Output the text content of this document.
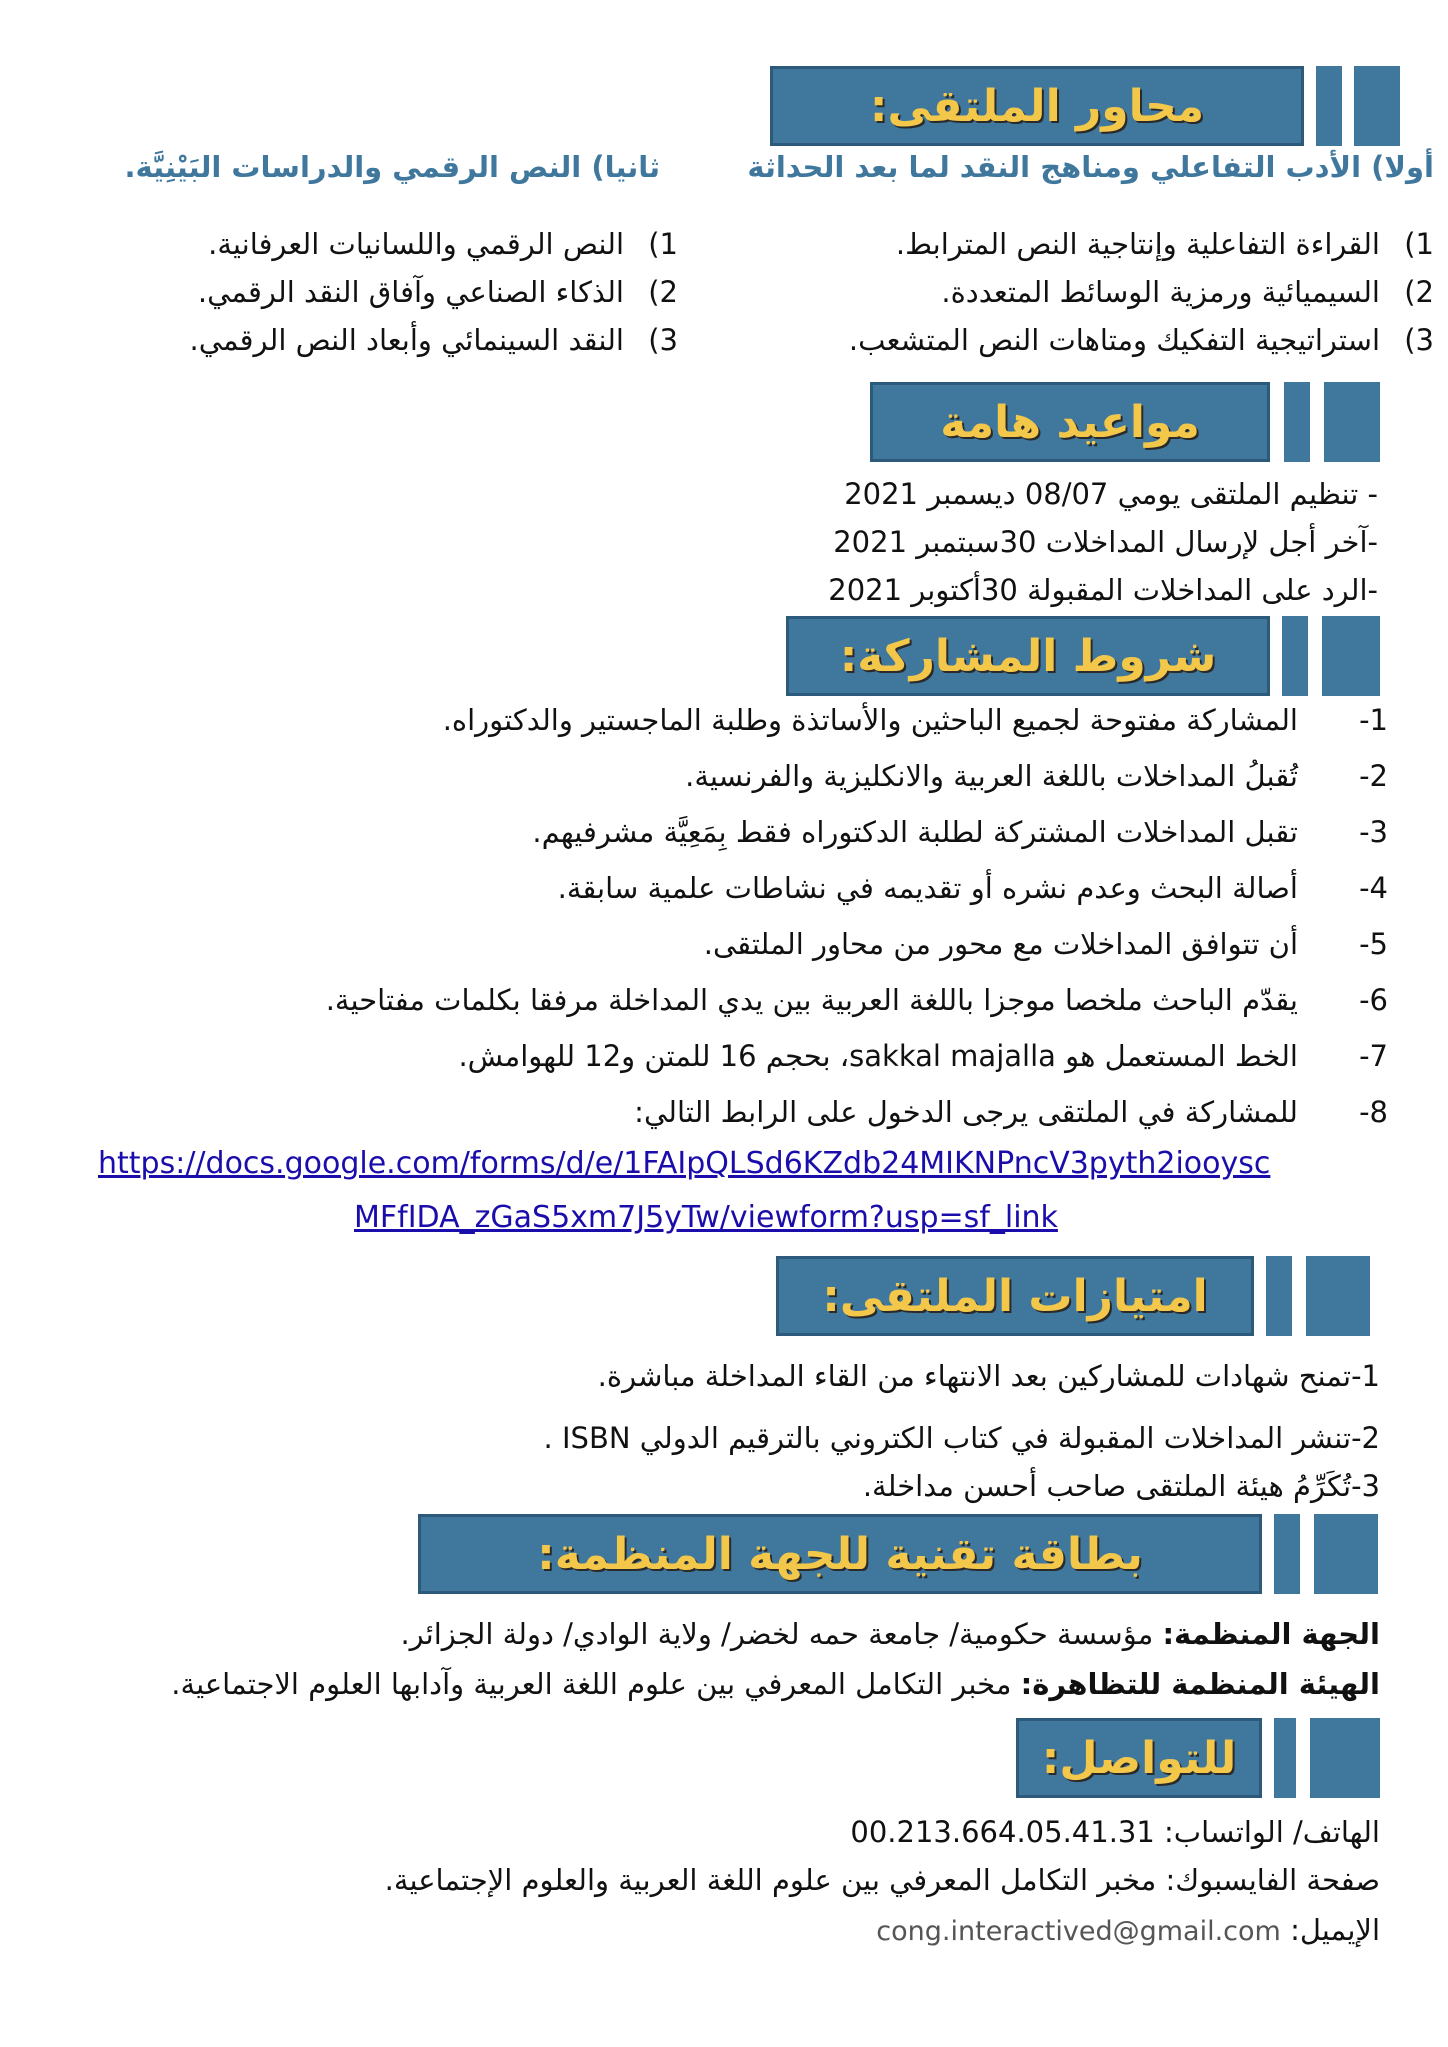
محاور الملتقى:
أولا) الأدب التفاعلي ومناهج النقد لما بعد الحداثة
ثانيا) النص الرقمي والدراسات البَيْنِيَّة.
1)القراءة التفاعلية وإنتاجية النص المترابط.
2)السيميائية ورمزية الوسائط المتعددة.
3)استراتيجية التفكيك ومتاهات النص المتشعب.
1)النص الرقمي واللسانيات العرفانية.
2)الذكاء الصناعي وآفاق النقد الرقمي.
3)النقد السينمائي وأبعاد النص الرقمي.
مواعيد هامة
- تنظيم الملتقى يومي 08/07 ديسمبر 2021
-آخر أجل لإرسال المداخلات 30سبتمبر 2021
-الرد على المداخلات المقبولة 30أكتوبر 2021
شروط المشاركة:
1-المشاركة مفتوحة لجميع الباحثين والأساتذة وطلبة الماجستير والدكتوراه.
2-تُقبلُ المداخلات باللغة العربية والانكليزية والفرنسية.
3-تقبل المداخلات المشتركة لطلبة الدكتوراه فقط بِمَعِيَّة مشرفيهم.
4-أصالة البحث وعدم نشره أو تقديمه في نشاطات علمية سابقة.
5-أن تتوافق المداخلات مع محور من محاور الملتقى.
6-يقدّم الباحث ملخصا موجزا باللغة العربية بين يدي المداخلة مرفقا بكلمات مفتاحية.
7-الخط المستعمل هو sakkal majalla، بحجم 16 للمتن و12 للهوامش.
8-للمشاركة في الملتقى يرجى الدخول على الرابط التالي:
https://docs.google.com/forms/d/e/1FAIpQLSd6KZdb24MIKNPncV3pyth2iooysc
MFfIDA_zGaS5xm7J5yTw/viewform?usp=sf_link
امتيازات الملتقى:
1-تمنح شهادات للمشاركين بعد الانتهاء من القاء المداخلة مباشرة.
2-تنشر المداخلات المقبولة في كتاب الكتروني بالترقيم الدولي ISBN .
3-تُكَرِّمُ هيئة الملتقى صاحب أحسن مداخلة.
بطاقة تقنية للجهة المنظمة:
الجهة المنظمة: مؤسسة حكومية/ جامعة حمه لخضر/ ولاية الوادي/ دولة الجزائر.
الهيئة المنظمة للتظاهرة: مخبر التكامل المعرفي بين علوم اللغة العربية وآدابها العلوم الاجتماعية.
للتواصل:
الهاتف/ الواتساب: 00.213.664.05.41.31
صفحة الفايسبوك: مخبر التكامل المعرفي بين علوم اللغة العربية والعلوم الإجتماعية.
الإيميل: cong.interactived@gmail.com
